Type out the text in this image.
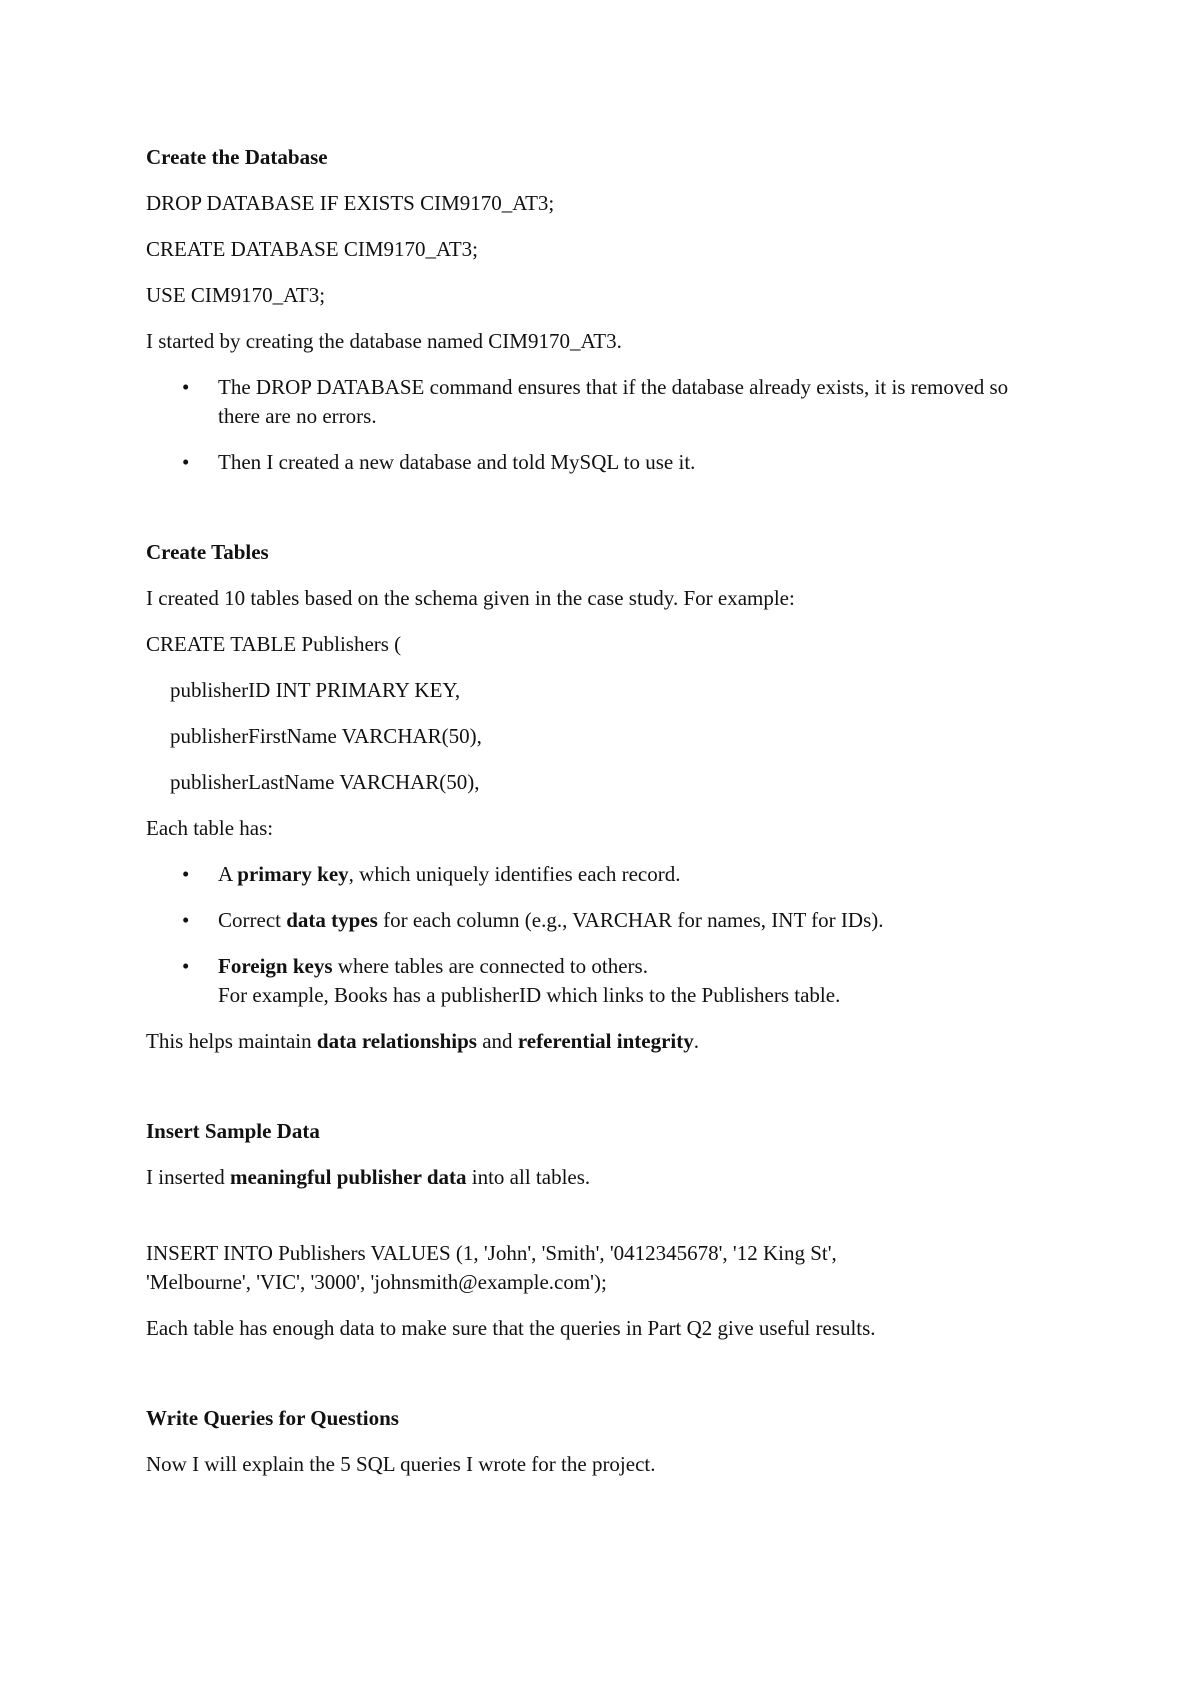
Create the Database
DROP DATABASE IF EXISTS CIM9170_AT3;
CREATE DATABASE CIM9170_AT3;
USE CIM9170_AT3;

I started by creating the database named CIM9170_AT3.

• The DROP DATABASE command ensures that if the database already exists, it is removed so there are no errors.
• Then I created a new database and told MySQL to use it.
Create Tables

I created 10 tables based on the schema given in the case study. For example:

CREATE TABLE Publishers (
publisherID INT PRIMARY KEY,
publisherFirstName VARCHAR(50),
publisherLastName VARCHAR(50),

Each table has:

• A primary key, which uniquely identifies each record.
• Correct data types for each column (e.g., VARCHAR for names, INT for IDs).
• Foreign keys where tables are connected to others.
For example, Books has a publisherID which links to the Publishers table.

This helps maintain data relationships and referential integrity.

Insert Sample Data

I inserted meaningful publisher data into all tables.

INSERT INTO Publishers VALUES (1, 'John', 'Smith', '0412345678', '12 King St',
'Melbourne', 'VIC', '3000', 'johnsmith@example.com');

Each table has enough data to make sure that the queries in Part Q2 give useful results.

Write Queries for Questions

Now I will explain the 5 SQL queries I wrote for the project.
